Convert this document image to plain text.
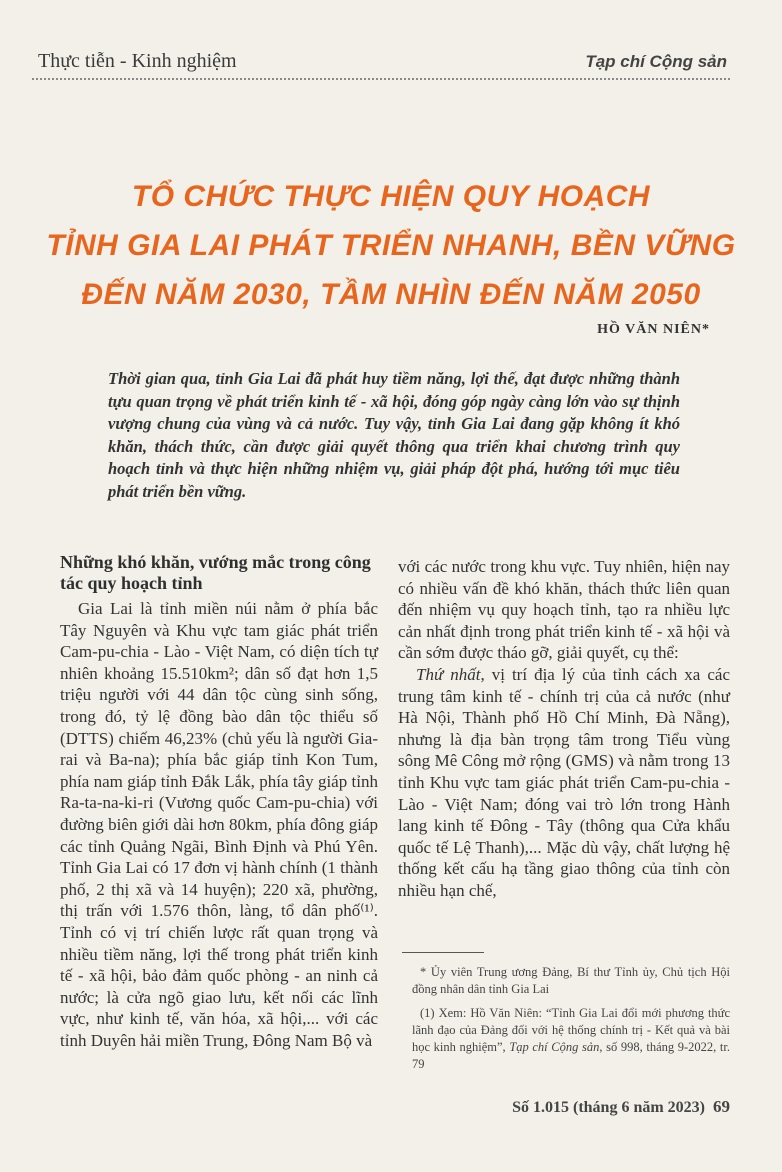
Thực tiễn - Kinh nghiệm	Tạp chí Cộng sản
TỔ CHỨC THỰC HIỆN QUY HOẠCH
TỈNH GIA LAI PHÁT TRIỂN NHANH, BỀN VỮNG
ĐẾN NĂM 2030, TẦM NHÌN ĐẾN NĂM 2050
HỒ VĂN NIÊN*
Thời gian qua, tỉnh Gia Lai đã phát huy tiềm năng, lợi thế, đạt được những thành tựu quan trọng về phát triển kinh tế - xã hội, đóng góp ngày càng lớn vào sự thịnh vượng chung của vùng và cả nước. Tuy vậy, tỉnh Gia Lai đang gặp không ít khó khăn, thách thức, cần được giải quyết thông qua triển khai chương trình quy hoạch tỉnh và thực hiện những nhiệm vụ, giải pháp đột phá, hướng tới mục tiêu phát triển bền vững.
Những khó khăn, vướng mắc trong công tác quy hoạch tỉnh

Gia Lai là tỉnh miền núi nằm ở phía bắc Tây Nguyên và Khu vực tam giác phát triển Cam-pu-chia - Lào - Việt Nam, có diện tích tự nhiên khoảng 15.510km²; dân số đạt hơn 1,5 triệu người với 44 dân tộc cùng sinh sống, trong đó, tỷ lệ đồng bào dân tộc thiểu số (DTTS) chiếm 46,23% (chủ yếu là người Gia-rai và Ba-na); phía bắc giáp tỉnh Kon Tum, phía nam giáp tỉnh Đắk Lắk, phía tây giáp tỉnh Ra-ta-na-ki-ri (Vương quốc Cam-pu-chia) với đường biên giới dài hơn 80km, phía đông giáp các tỉnh Quảng Ngãi, Bình Định và Phú Yên. Tỉnh Gia Lai có 17 đơn vị hành chính (1 thành phố, 2 thị xã và 14 huyện); 220 xã, phường, thị trấn với 1.576 thôn, làng, tổ dân phố⁽¹⁾. Tỉnh có vị trí chiến lược rất quan trọng và nhiều tiềm năng, lợi thế trong phát triển kinh tế - xã hội, bảo đảm quốc phòng - an ninh cả nước; là cửa ngõ giao lưu, kết nối các lĩnh vực, như kinh tế, văn hóa, xã hội,... với các tỉnh Duyên hải miền Trung, Đông Nam Bộ và

với các nước trong khu vực. Tuy nhiên, hiện nay có nhiều vấn đề khó khăn, thách thức liên quan đến nhiệm vụ quy hoạch tỉnh, tạo ra nhiều lực cản nhất định trong phát triển kinh tế - xã hội và cần sớm được tháo gỡ, giải quyết, cụ thể:

Thứ nhất, vị trí địa lý của tỉnh cách xa các trung tâm kinh tế - chính trị của cả nước (như Hà Nội, Thành phố Hồ Chí Minh, Đà Nẵng), nhưng là địa bàn trọng tâm trong Tiểu vùng sông Mê Công mở rộng (GMS) và nằm trong 13 tỉnh Khu vực tam giác phát triển Cam-pu-chia - Lào - Việt Nam; đóng vai trò lớn trong Hành lang kinh tế Đông - Tây (thông qua Cửa khẩu quốc tế Lệ Thanh),... Mặc dù vậy, chất lượng hệ thống kết cấu hạ tầng giao thông của tỉnh còn nhiều hạn chế,

* Ủy viên Trung ương Đảng, Bí thư Tỉnh ủy, Chủ tịch Hội đồng nhân dân tỉnh Gia Lai

(1) Xem: Hồ Văn Niên: “Tỉnh Gia Lai đổi mới phương thức lãnh đạo của Đảng đối với hệ thống chính trị - Kết quả và bài học kinh nghiệm”, Tạp chí Cộng sản, số 998, tháng 9-2022, tr. 79

Số 1.015 (tháng 6 năm 2023) 69
